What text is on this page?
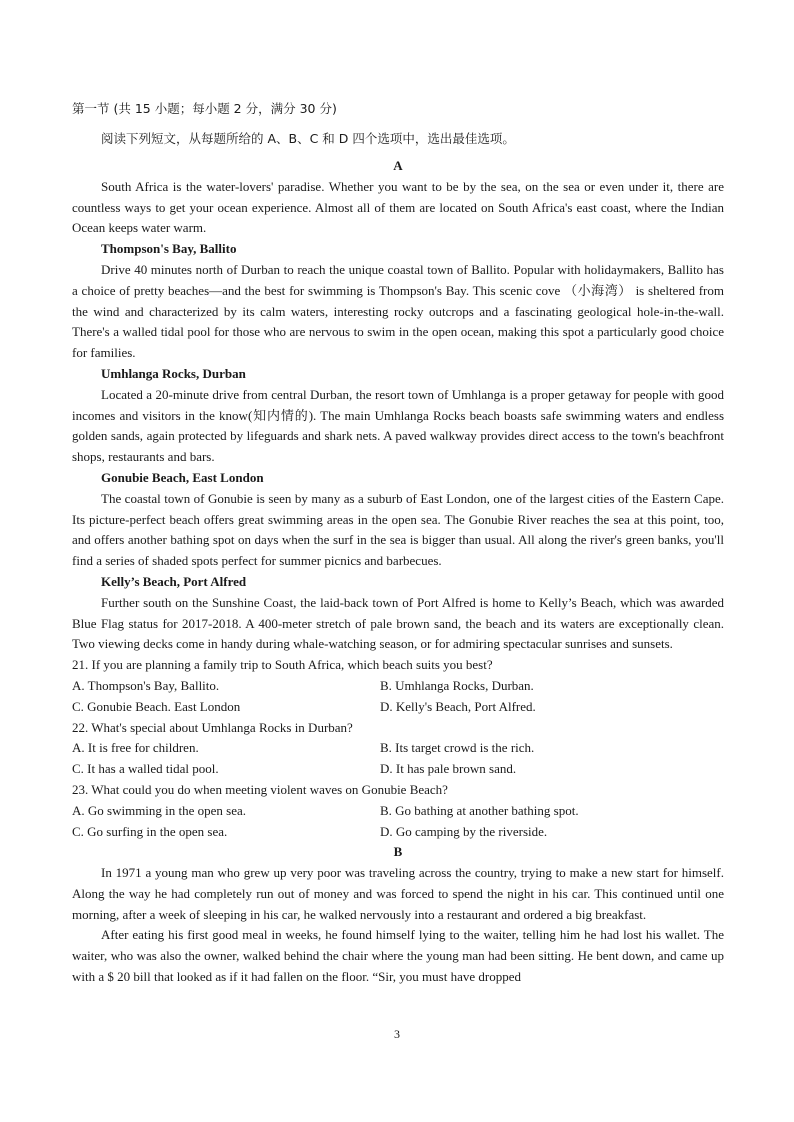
第一节 (共 15 小题；每小题 2 分，满分 30 分)
阅读下列短文，从每题所给的 A、B、C 和 D 四个选项中，选出最佳选项。
A

South Africa is the water-lovers' paradise. Whether you want to be by the sea, on the sea or even under it, there are countless ways to get your ocean experience. Almost all of them are located on South Africa's east coast, where the Indian Ocean keeps water warm.

Thompson's Bay, Ballito

Drive 40 minutes north of Durban to reach the unique coastal town of Ballito. Popular with holidaymakers, Ballito has a choice of pretty beaches—and the best for swimming is Thompson's Bay. This scenic cove （小海湾） is sheltered from the wind and characterized by its calm waters, interesting rocky outcrops and a fascinating geological hole-in-the-wall. There's a walled tidal pool for those who are nervous to swim in the open ocean, making this spot a particularly good choice for families.

Umhlanga Rocks, Durban

Located a 20-minute drive from central Durban, the resort town of Umhlanga is a proper getaway for people with good incomes and visitors in the know(知内情的). The main Umhlanga Rocks beach boasts safe swimming waters and endless golden sands, again protected by lifeguards and shark nets. A paved walkway provides direct access to the town's beachfront shops, restaurants and bars.

Gonubie Beach, East London

The coastal town of Gonubie is seen by many as a suburb of East London, one of the largest cities of the Eastern Cape. Its picture-perfect beach offers great swimming areas in the open sea. The Gonubie River reaches the sea at this point, too, and offers another bathing spot on days when the surf in the sea is bigger than usual. All along the river's green banks, you'll find a series of shaded spots perfect for summer picnics and barbecues.

Kelly’s Beach, Port Alfred

Further south on the Sunshine Coast, the laid-back town of Port Alfred is home to Kelly’s Beach, which was awarded Blue Flag status for 2017-2018. A 400-meter stretch of pale brown sand, the beach and its waters are exceptionally clean. Two viewing decks come in handy during whale-watching season, or for admiring spectacular sunrises and sunsets.

21. If you are planning a family trip to South Africa, which beach suits you best?
A. Thompson's Bay, Ballito.	B. Umhlanga Rocks, Durban.
C. Gonubie Beach. East London	D. Kelly's Beach, Port Alfred.
22. What's special about Umhlanga Rocks in Durban?
A. It is free for children.	B. Its target crowd is the rich.
C. It has a walled tidal pool.	D. It has pale brown sand.
23. What could you do when meeting violent waves on Gonubie Beach?
A. Go swimming in the open sea.	B. Go bathing at another bathing spot.
C. Go surfing in the open sea.	D. Go camping by the riverside.
B

In 1971 a young man who grew up very poor was traveling across the country, trying to make a new start for himself. Along the way he had completely run out of money and was forced to spend the night in his car. This continued until one morning, after a week of sleeping in his car, he walked nervously into a restaurant and ordered a big breakfast.

After eating his first good meal in weeks, he found himself lying to the waiter, telling him he had lost his wallet. The waiter, who was also the owner, walked behind the chair where the young man had been sitting. He bent down, and came up with a $ 20 bill that looked as if it had fallen on the floor. “Sir, you must have dropped

3
